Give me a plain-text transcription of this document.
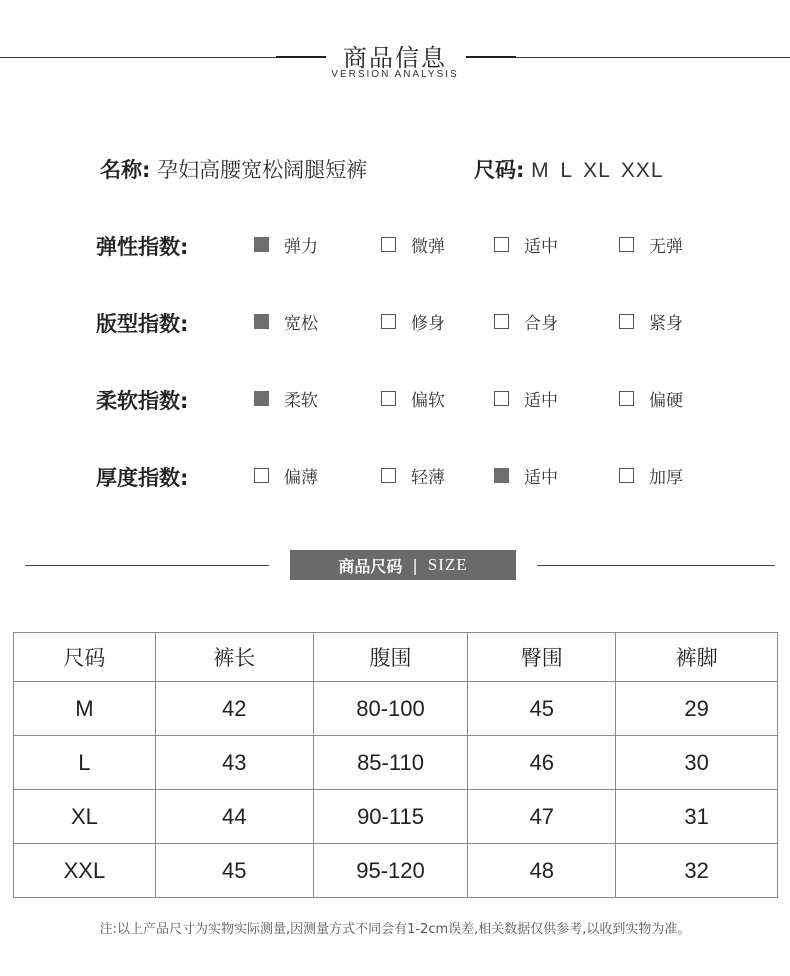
商品信息
VERSION ANALYSIS
名称: 孕妇高腰宽松阔腿短裤	尺码: M L XL XXL
弹性指数:	弹力	微弹	适中	无弹
版型指数:	宽松	修身	合身	紧身
柔软指数:	柔软	偏软	适中	偏硬
厚度指数:	偏薄	轻薄	适中	加厚
商品尺码 | SIZE
尺码	裤长	腹围	臀围	裤脚
M	42	80-100	45	29
L	43	85-110	46	30
XL	44	90-115	47	31
XXL	45	95-120	48	32
注:以上产品尺寸为实物实际测量,因测量方式不同会有1-2cm误差,相关数据仅供参考,以收到实物为准。
